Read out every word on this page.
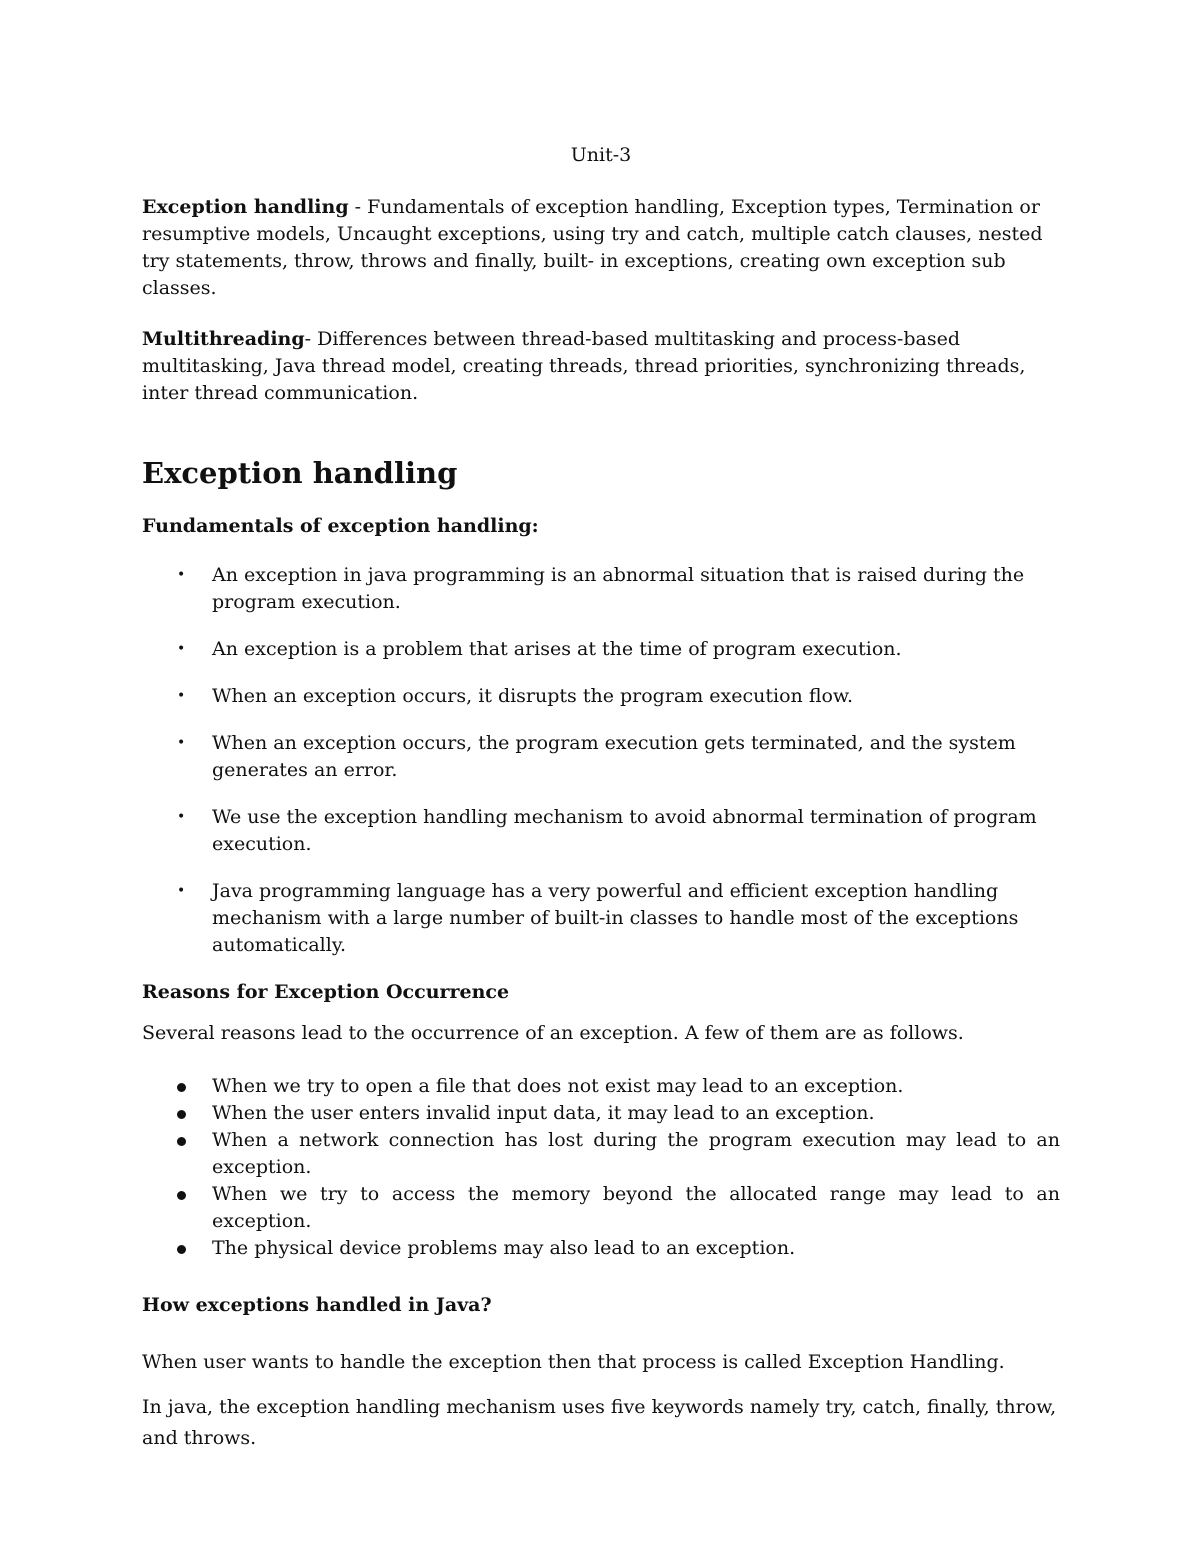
Unit-3

Exception handling - Fundamentals of exception handling, Exception types, Termination or resumptive models, Uncaught exceptions, using try and catch, multiple catch clauses, nested try statements, throw, throws and finally, built- in exceptions, creating own exception sub classes.

Multithreading- Differences between thread-based multitasking and process-based multitasking, Java thread model, creating threads, thread priorities, synchronizing threads, inter thread communication.

Exception handling
Fundamentals of exception handling:
• An exception in java programming is an abnormal situation that is raised during the program execution.
• An exception is a problem that arises at the time of program execution.
• When an exception occurs, it disrupts the program execution flow.
• When an exception occurs, the program execution gets terminated, and the system generates an error.
• We use the exception handling mechanism to avoid abnormal termination of program execution.
• Java programming language has a very powerful and efficient exception handling mechanism with a large number of built-in classes to handle most of the exceptions automatically.
Reasons for Exception Occurrence

Several reasons lead to the occurrence of an exception. A few of them are as follows.

When we try to open a file that does not exist may lead to an exception.
When the user enters invalid input data, it may lead to an exception.
When a network connection has lost during the program execution may lead to an exception.
When we try to access the memory beyond the allocated range may lead to an exception.
The physical device problems may also lead to an exception.
How exceptions handled in Java?

When user wants to handle the exception then that process is called Exception Handling.

In java, the exception handling mechanism uses five keywords namely try, catch, finally, throw, and throws.
